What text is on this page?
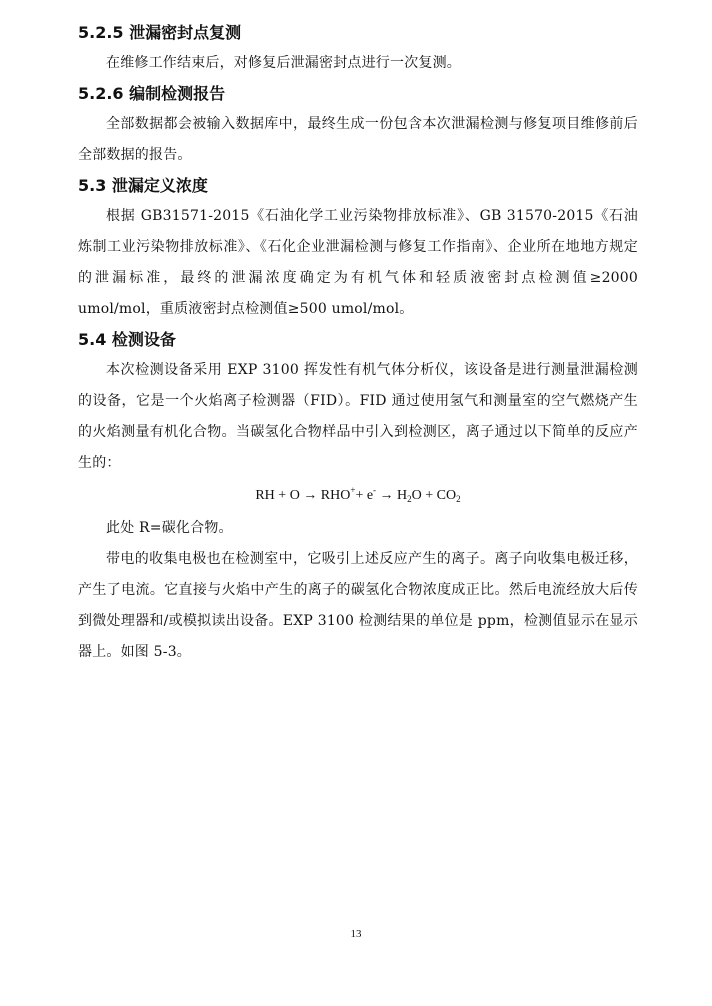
5.2.5 泄漏密封点复测

在维修工作结束后，对修复后泄漏密封点进行一次复测。

5.2.6 编制检测报告

全部数据都会被输入数据库中，最终生成一份包含本次泄漏检测与修复项目维修前后全部数据的报告。

5.3 泄漏定义浓度

根据 GB31571-2015《石油化学工业污染物排放标准》、GB 31570-2015《石油炼制工业污染物排放标准》、《石化企业泄漏检测与修复工作指南》、企业所在地地方规定的泄漏标准，最终的泄漏浓度确定为有机气体和轻质液密封点检测值≥2000 umol/mol，重质液密封点检测值≥500 umol/mol。

5.4 检测设备

本次检测设备采用 EXP 3100 挥发性有机气体分析仪，该设备是进行测量泄漏检测的设备，它是一个火焰离子检测器（FID）。FID 通过使用氢气和测量室的空气燃烧产生的火焰测量有机化合物。当碳氢化合物样品中引入到检测区，离子通过以下简单的反应产生的：

RH + $O \to RHO^++ e^- \to H_2O + CO_2$

此处 R=碳化合物。

带电的收集电极也在检测室中，它吸引上述反应产生的离子。离子向收集电极迁移，产生了电流。它直接与火焰中产生的离子的碳氢化合物浓度成正比。然后电流经放大后传到微处理器和/或模拟读出设备。EXP 3100 检测结果的单位是 ppm，检测值显示在显示器上。如图 5-3。

13
